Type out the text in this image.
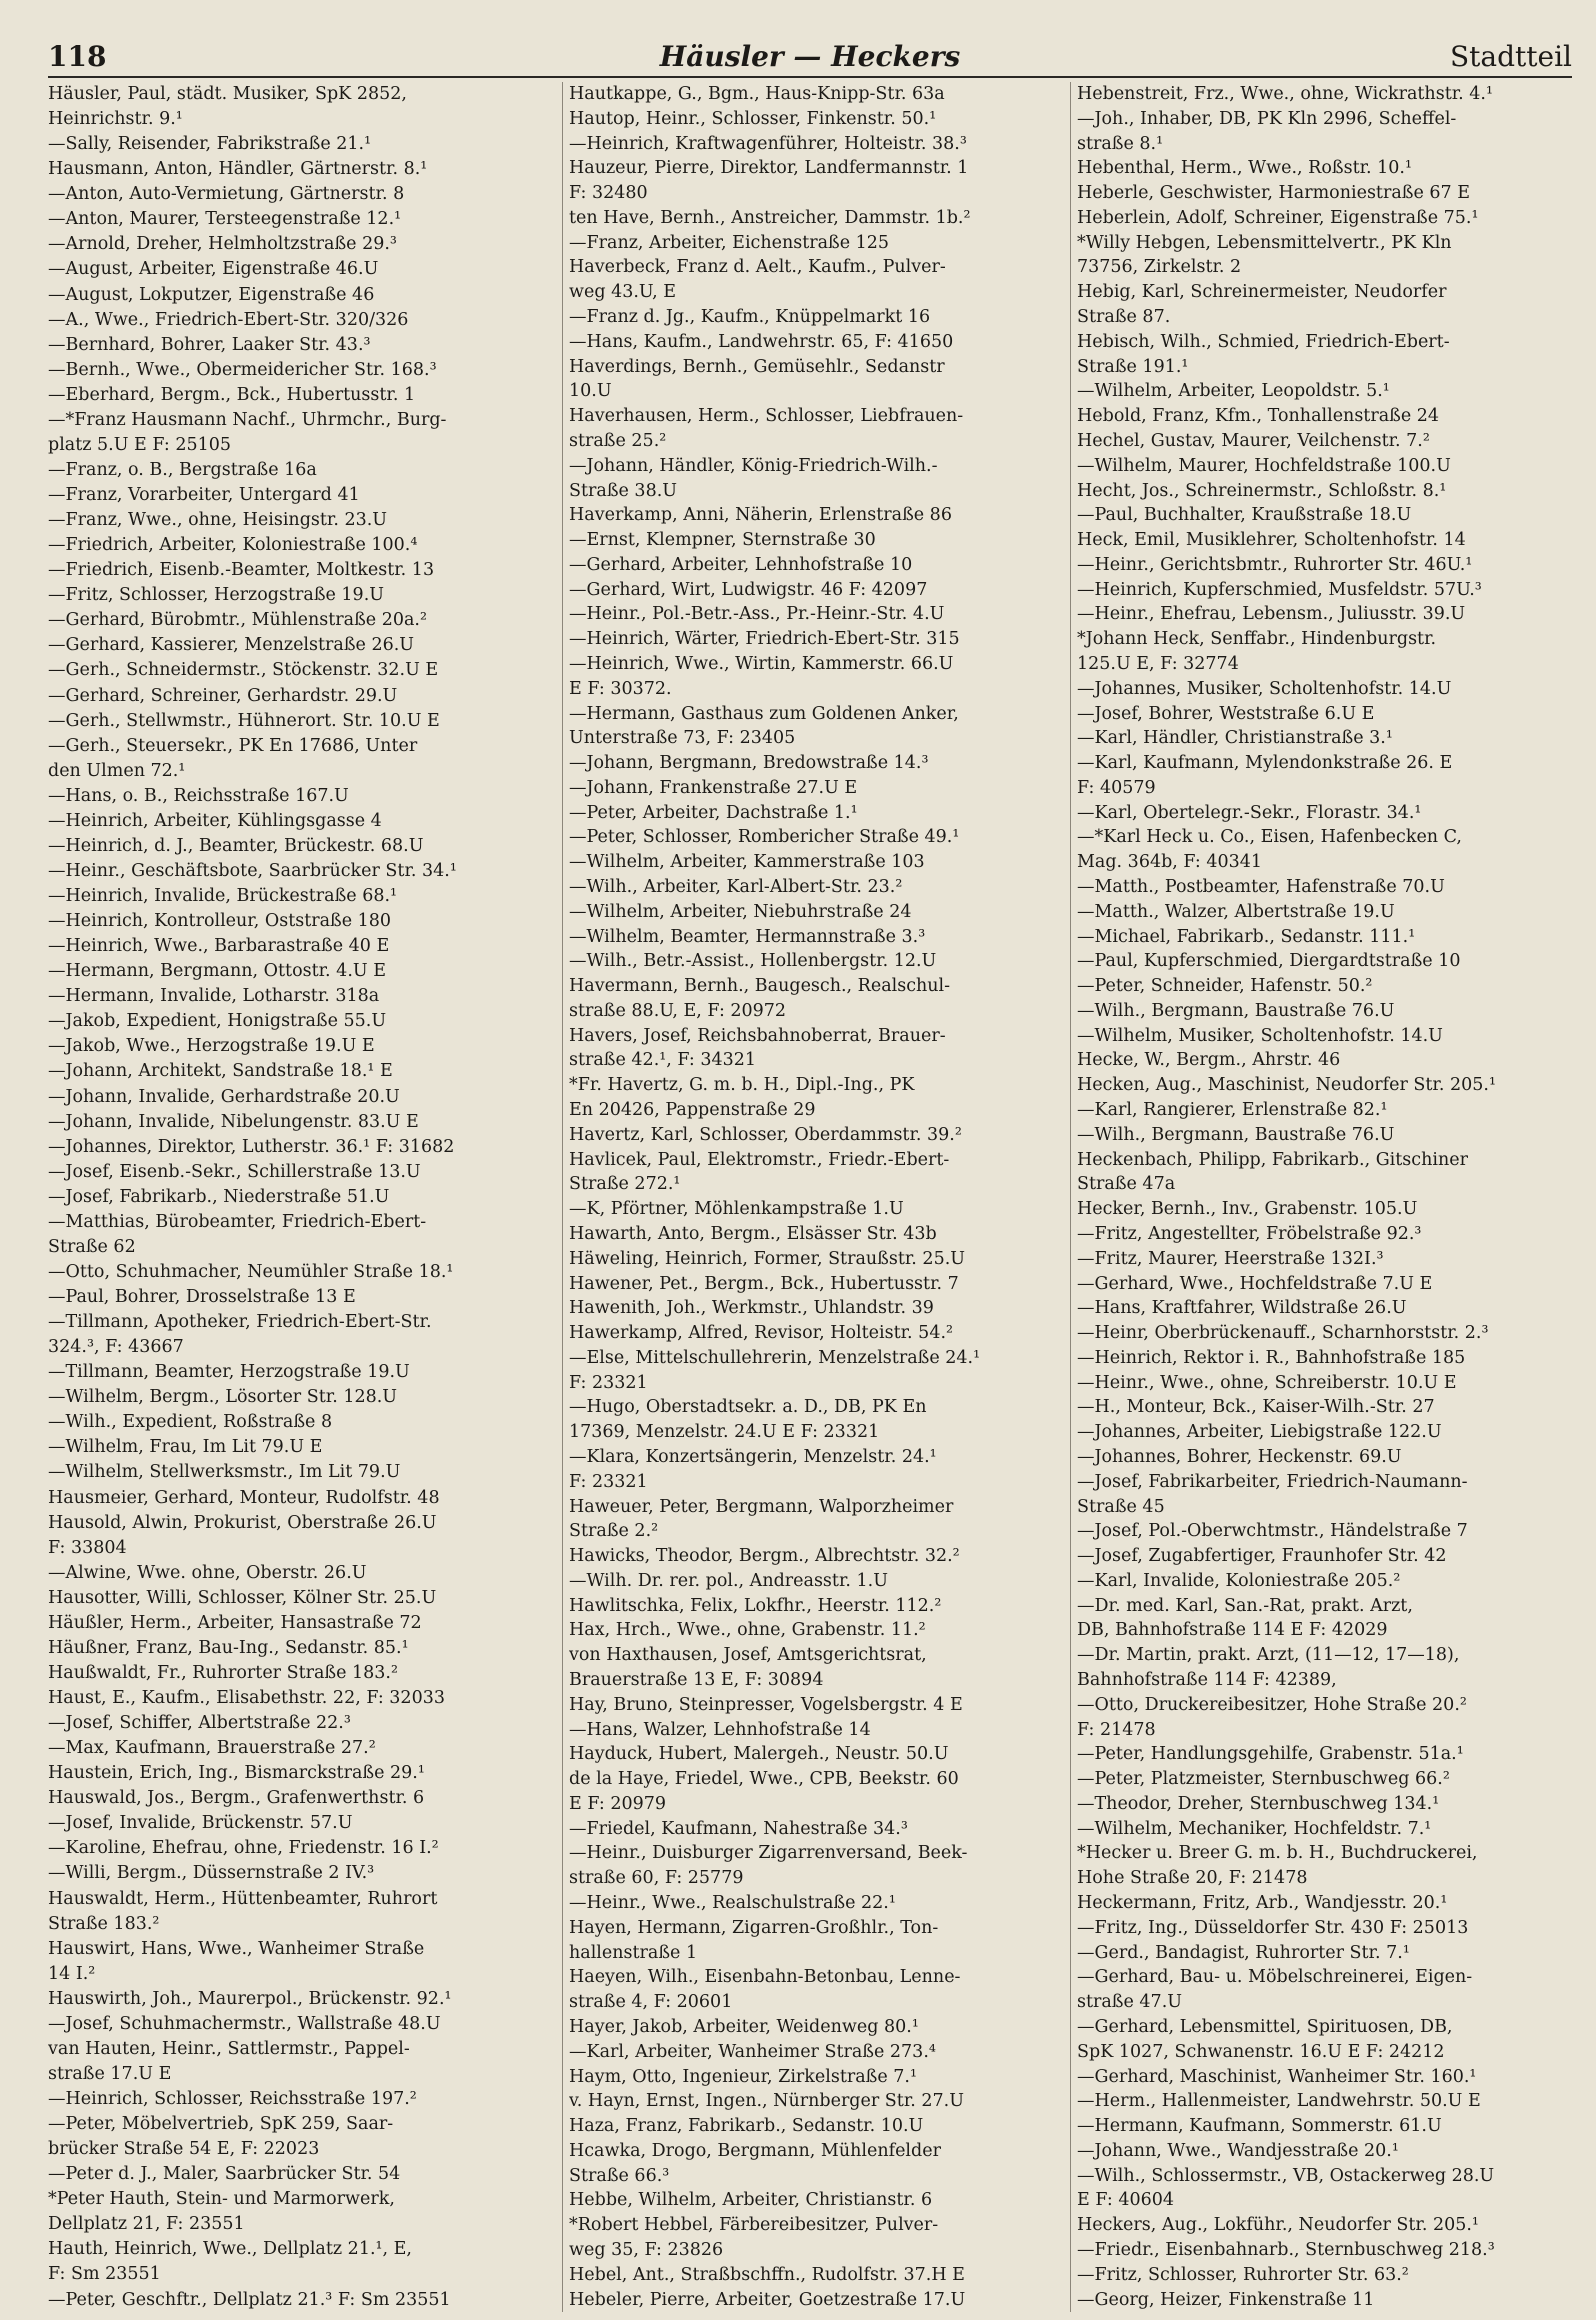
118	Häusler — Heckers	Stadtteil
Häusler, Paul, städt. Musiker, SpK 2852,
Heinrichstr. 9.¹
—Sally, Reisender, Fabrikstraße 21.¹
Hausmann, Anton, Händler, Gärtnerstr. 8.¹
—Anton, Auto-Vermietung, Gärtnerstr. 8
—Anton, Maurer, Tersteegenstraße 12.¹
—Arnold, Dreher, Helmholtzstraße 29.³
—August, Arbeiter, Eigenstraße 46.U
—August, Lokputzer, Eigenstraße 46
—A., Wwe., Friedrich-Ebert-Str. 320/326
—Bernhard, Bohrer, Laaker Str. 43.³
—Bernh., Wwe., Obermeidericher Str. 168.³
—Eberhard, Bergm., Bck., Hubertusstr. 1
—*Franz Hausmann Nachf., Uhrmchr., Burg-
platz 5.U E F: 25105
—Franz, o. B., Bergstraße 16a
—Franz, Vorarbeiter, Untergard 41
—Franz, Wwe., ohne, Heisingstr. 23.U
—Friedrich, Arbeiter, Koloniestraße 100.⁴
—Friedrich, Eisenb.-Beamter, Moltkestr. 13
—Fritz, Schlosser, Herzogstraße 19.U
—Gerhard, Bürobmtr., Mühlenstraße 20a.²
—Gerhard, Kassierer, Menzelstraße 26.U
—Gerh., Schneidermstr., Stöckenstr. 32.U E
—Gerhard, Schreiner, Gerhardstr. 29.U
—Gerh., Stellwmstr., Hühnerort. Str. 10.U E
—Gerh., Steuersekr., PK En 17686, Unter
den Ulmen 72.¹
—Hans, o. B., Reichsstraße 167.U
—Heinrich, Arbeiter, Kühlingsgasse 4
—Heinrich, d. J., Beamter, Brückestr. 68.U
—Heinr., Geschäftsbote, Saarbrücker Str. 34.¹
—Heinrich, Invalide, Brückestraße 68.¹
—Heinrich, Kontrolleur, Oststraße 180
—Heinrich, Wwe., Barbarastraße 40 E
—Hermann, Bergmann, Ottostr. 4.U E
—Hermann, Invalide, Lotharstr. 318a
—Jakob, Expedient, Honigstraße 55.U
—Jakob, Wwe., Herzogstraße 19.U E
—Johann, Architekt, Sandstraße 18.¹ E
—Johann, Invalide, Gerhardstraße 20.U
—Johann, Invalide, Nibelungenstr. 83.U E
—Johannes, Direktor, Lutherstr. 36.¹ F: 31682
—Josef, Eisenb.-Sekr., Schillerstraße 13.U
—Josef, Fabrikarb., Niederstraße 51.U
—Matthias, Bürobeamter, Friedrich-Ebert-
Straße 62
—Otto, Schuhmacher, Neumühler Straße 18.¹
—Paul, Bohrer, Drosselstraße 13 E
—Tillmann, Apotheker, Friedrich-Ebert-Str.
324.³, F: 43667
—Tillmann, Beamter, Herzogstraße 19.U
—Wilhelm, Bergm., Lösorter Str. 128.U
—Wilh., Expedient, Roßstraße 8
—Wilhelm, Frau, Im Lit 79.U E
—Wilhelm, Stellwerksmstr., Im Lit 79.U
Hausmeier, Gerhard, Monteur, Rudolfstr. 48
Hausold, Alwin, Prokurist, Oberstraße 26.U
F: 33804
—Alwine, Wwe. ohne, Oberstr. 26.U
Hausotter, Willi, Schlosser, Kölner Str. 25.U
Häußler, Herm., Arbeiter, Hansastraße 72
Häußner, Franz, Bau-Ing., Sedanstr. 85.¹
Haußwaldt, Fr., Ruhrorter Straße 183.²
Haust, E., Kaufm., Elisabethstr. 22, F: 32033
—Josef, Schiffer, Albertstraße 22.³
—Max, Kaufmann, Brauerstraße 27.²
Haustein, Erich, Ing., Bismarckstraße 29.¹
Hauswald, Jos., Bergm., Grafenwerthstr. 6
—Josef, Invalide, Brückenstr. 57.U
—Karoline, Ehefrau, ohne, Friedenstr. 16 I.²
—Willi, Bergm., Düssernstraße 2 IV.³
Hauswaldt, Herm., Hüttenbeamter, Ruhrort
Straße 183.²
Hauswirt, Hans, Wwe., Wanheimer Straße
14 I.²
Hauswirth, Joh., Maurerpol., Brückenstr. 92.¹
—Josef, Schuhmachermstr., Wallstraße 48.U
van Hauten, Heinr., Sattlermstr., Pappel-
straße 17.U E
—Heinrich, Schlosser, Reichsstraße 197.²
—Peter, Möbelvertrieb, SpK 259, Saar-
brücker Straße 54 E, F: 22023
—Peter d. J., Maler, Saarbrücker Str. 54
*Peter Hauth, Stein- und Marmorwerk,
Dellplatz 21, F: 23551
Hauth, Heinrich, Wwe., Dellplatz 21.¹, E,
F: Sm 23551
—Peter, Geschftr., Dellplatz 21.³ F: Sm 23551
Hautkappe, G., Bgm., Haus-Knipp-Str. 63a
Hautop, Heinr., Schlosser, Finkenstr. 50.¹
—Heinrich, Kraftwagenführer, Holteistr. 38.³
Hauzeur, Pierre, Direktor, Landfermannstr. 1
F: 32480
ten Have, Bernh., Anstreicher, Dammstr. 1b.²
—Franz, Arbeiter, Eichenstraße 125
Haverbeck, Franz d. Aelt., Kaufm., Pulver-
weg 43.U, E
—Franz d. Jg., Kaufm., Knüppelmarkt 16
—Hans, Kaufm., Landwehrstr. 65, F: 41650
Haverdings, Bernh., Gemüsehlr., Sedanstr
10.U
Haverhausen, Herm., Schlosser, Liebfrauen-
straße 25.²
—Johann, Händler, König-Friedrich-Wilh.-
Straße 38.U
Haverkamp, Anni, Näherin, Erlenstraße 86
—Ernst, Klempner, Sternstraße 30
—Gerhard, Arbeiter, Lehnhofstraße 10
—Gerhard, Wirt, Ludwigstr. 46 F: 42097
—Heinr., Pol.-Betr.-Ass., Pr.-Heinr.-Str. 4.U
—Heinrich, Wärter, Friedrich-Ebert-Str. 315
—Heinrich, Wwe., Wirtin, Kammerstr. 66.U
E F: 30372.
—Hermann, Gasthaus zum Goldenen Anker,
Unterstraße 73, F: 23405
—Johann, Bergmann, Bredowstraße 14.³
—Johann, Frankenstraße 27.U E
—Peter, Arbeiter, Dachstraße 1.¹
—Peter, Schlosser, Rombericher Straße 49.¹
—Wilhelm, Arbeiter, Kammerstraße 103
—Wilh., Arbeiter, Karl-Albert-Str. 23.²
—Wilhelm, Arbeiter, Niebuhrstraße 24
—Wilhelm, Beamter, Hermannstraße 3.³
—Wilh., Betr.-Assist., Hollenbergstr. 12.U
Havermann, Bernh., Baugesch., Realschul-
straße 88.U, E, F: 20972
Havers, Josef, Reichsbahnoberrat, Brauer-
straße 42.¹, F: 34321
*Fr. Havertz, G. m. b. H., Dipl.-Ing., PK
En 20426, Pappenstraße 29
Havertz, Karl, Schlosser, Oberdammstr. 39.²
Havlicek, Paul, Elektromstr., Friedr.-Ebert-
Straße 272.¹
—K, Pförtner, Möhlenkampstraße 1.U
Hawarth, Anto, Bergm., Elsässer Str. 43b
Häweling, Heinrich, Former, Straußstr. 25.U
Hawener, Pet., Bergm., Bck., Hubertusstr. 7
Hawenith, Joh., Werkmstr., Uhlandstr. 39
Hawerkamp, Alfred, Revisor, Holteistr. 54.²
—Else, Mittelschullehrerin, Menzelstraße 24.¹
F: 23321
—Hugo, Oberstadtsekr. a. D., DB, PK En
17369, Menzelstr. 24.U E F: 23321
—Klara, Konzertsängerin, Menzelstr. 24.¹
F: 23321
Haweuer, Peter, Bergmann, Walporzheimer
Straße 2.²
Hawicks, Theodor, Bergm., Albrechtstr. 32.²
—Wilh. Dr. rer. pol., Andreasstr. 1.U
Hawlitschka, Felix, Lokfhr., Heerstr. 112.²
Hax, Hrch., Wwe., ohne, Grabenstr. 11.²
von Haxthausen, Josef, Amtsgerichtsrat,
Brauerstraße 13 E, F: 30894
Hay, Bruno, Steinpresser, Vogelsbergstr. 4 E
—Hans, Walzer, Lehnhofstraße 14
Hayduck, Hubert, Malergeh., Neustr. 50.U
de la Haye, Friedel, Wwe., CPB, Beekstr. 60
E F: 20979
—Friedel, Kaufmann, Nahestraße 34.³
—Heinr., Duisburger Zigarrenversand, Beek-
straße 60, F: 25779
—Heinr., Wwe., Realschulstraße 22.¹
Hayen, Hermann, Zigarren-Großhlr., Ton-
hallenstraße 1
Haeyen, Wilh., Eisenbahn-Betonbau, Lenne-
straße 4, F: 20601
Hayer, Jakob, Arbeiter, Weidenweg 80.¹
—Karl, Arbeiter, Wanheimer Straße 273.⁴
Haym, Otto, Ingenieur, Zirkelstraße 7.¹
v. Hayn, Ernst, Ingen., Nürnberger Str. 27.U
Haza, Franz, Fabrikarb., Sedanstr. 10.U
Hcawka, Drogo, Bergmann, Mühlenfelder
Straße 66.³
Hebbe, Wilhelm, Arbeiter, Christianstr. 6
*Robert Hebbel, Färbereibesitzer, Pulver-
weg 35, F: 23826
Hebel, Ant., Straßbschffn., Rudolfstr. 37.H E
Hebeler, Pierre, Arbeiter, Goetzestraße 17.U
Hebenstreit, Frz., Wwe., ohne, Wickrathstr. 4.¹
—Joh., Inhaber, DB, PK Kln 2996, Scheffel-
straße 8.¹
Hebenthal, Herm., Wwe., Roßstr. 10.¹
Heberle, Geschwister, Harmoniestraße 67 E
Heberlein, Adolf, Schreiner, Eigenstraße 75.¹
*Willy Hebgen, Lebensmittelvertr., PK Kln
73756, Zirkelstr. 2
Hebig, Karl, Schreinermeister, Neudorfer
Straße 87.
Hebisch, Wilh., Schmied, Friedrich-Ebert-
Straße 191.¹
—Wilhelm, Arbeiter, Leopoldstr. 5.¹
Hebold, Franz, Kfm., Tonhallenstraße 24
Hechel, Gustav, Maurer, Veilchenstr. 7.²
—Wilhelm, Maurer, Hochfeldstraße 100.U
Hecht, Jos., Schreinermstr., Schloßstr. 8.¹
—Paul, Buchhalter, Kraußstraße 18.U
Heck, Emil, Musiklehrer, Scholtenhofstr. 14
—Heinr., Gerichtsbmtr., Ruhrorter Str. 46U.¹
—Heinrich, Kupferschmied, Musfeldstr. 57U.³
—Heinr., Ehefrau, Lebensm., Juliusstr. 39.U
*Johann Heck, Senffabr., Hindenburgstr.
125.U E, F: 32774
—Johannes, Musiker, Scholtenhofstr. 14.U
—Josef, Bohrer, Weststraße 6.U E
—Karl, Händler, Christianstraße 3.¹
—Karl, Kaufmann, Mylendonkstraße 26. E
F: 40579
—Karl, Obertelegr.-Sekr., Florastr. 34.¹
—*Karl Heck u. Co., Eisen, Hafenbecken C,
Mag. 364b, F: 40341
—Matth., Postbeamter, Hafenstraße 70.U
—Matth., Walzer, Albertstraße 19.U
—Michael, Fabrikarb., Sedanstr. 111.¹
—Paul, Kupferschmied, Diergardtstraße 10
—Peter, Schneider, Hafenstr. 50.²
—Wilh., Bergmann, Baustraße 76.U
—Wilhelm, Musiker, Scholtenhofstr. 14.U
Hecke, W., Bergm., Ahrstr. 46
Hecken, Aug., Maschinist, Neudorfer Str. 205.¹
—Karl, Rangierer, Erlenstraße 82.¹
—Wilh., Bergmann, Baustraße 76.U
Heckenbach, Philipp, Fabrikarb., Gitschiner
Straße 47a
Hecker, Bernh., Inv., Grabenstr. 105.U
—Fritz, Angestellter, Fröbelstraße 92.³
—Fritz, Maurer, Heerstraße 132I.³
—Gerhard, Wwe., Hochfeldstraße 7.U E
—Hans, Kraftfahrer, Wildstraße 26.U
—Heinr, Oberbrückenauff., Scharnhorststr. 2.³
—Heinrich, Rektor i. R., Bahnhofstraße 185
—Heinr., Wwe., ohne, Schreiberstr. 10.U E
—H., Monteur, Bck., Kaiser-Wilh.-Str. 27
—Johannes, Arbeiter, Liebigstraße 122.U
—Johannes, Bohrer, Heckenstr. 69.U
—Josef, Fabrikarbeiter, Friedrich-Naumann-
Straße 45
—Josef, Pol.-Oberwchtmstr., Händelstraße 7
—Josef, Zugabfertiger, Fraunhofer Str. 42
—Karl, Invalide, Koloniestraße 205.²
—Dr. med. Karl, San.-Rat, prakt. Arzt,
DB, Bahnhofstraße 114 E F: 42029
—Dr. Martin, prakt. Arzt, (11—12, 17—18),
Bahnhofstraße 114 F: 42389,
—Otto, Druckereibesitzer, Hohe Straße 20.²
F: 21478
—Peter, Handlungsgehilfe, Grabenstr. 51a.¹
—Peter, Platzmeister, Sternbuschweg 66.²
—Theodor, Dreher, Sternbuschweg 134.¹
—Wilhelm, Mechaniker, Hochfeldstr. 7.¹
*Hecker u. Breer G. m. b. H., Buchdruckerei,
Hohe Straße 20, F: 21478
Heckermann, Fritz, Arb., Wandjesstr. 20.¹
—Fritz, Ing., Düsseldorfer Str. 430 F: 25013
—Gerd., Bandagist, Ruhrorter Str. 7.¹
—Gerhard, Bau- u. Möbelschreinerei, Eigen-
straße 47.U
—Gerhard, Lebensmittel, Spirituosen, DB,
SpK 1027, Schwanenstr. 16.U E F: 24212
—Gerhard, Maschinist, Wanheimer Str. 160.¹
—Herm., Hallenmeister, Landwehrstr. 50.U E
—Hermann, Kaufmann, Sommerstr. 61.U
—Johann, Wwe., Wandjesstraße 20.¹
—Wilh., Schlossermstr., VB, Ostackerweg 28.U
E F: 40604
Heckers, Aug., Lokführ., Neudorfer Str. 205.¹
—Friedr., Eisenbahnarb., Sternbuschweg 218.³
—Fritz, Schlosser, Ruhrorter Str. 63.²
—Georg, Heizer, Finkenstraße 11
